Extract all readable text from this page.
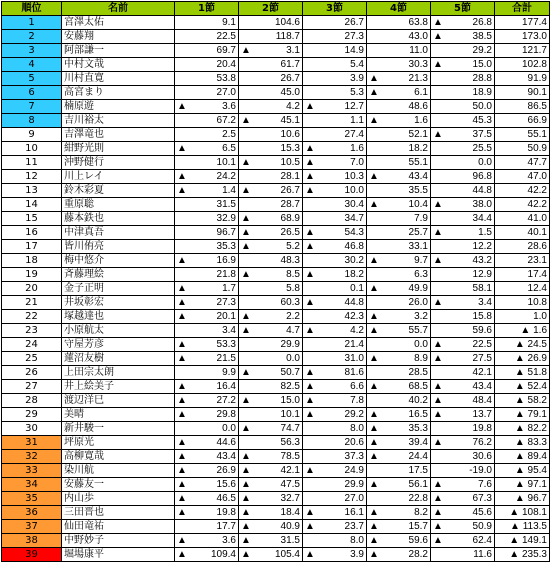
順位	名前	1節	2節	3節	4節	5節	合計
1	宮澤太佑	9.1	104.6	26.7	63.8	▲ 26.8	177.4
2	安藤翔	22.5	118.7	27.3	43.0	▲ 38.5	173.0
3	阿部謙一	69.7	▲ 3.1	14.9	11.0	29.2	121.7
4	中村文哉	20.4	61.7	5.4	30.3	▲ 15.0	102.8
5	川村直寛	53.8	26.7	3.9	▲ 21.3	28.8	91.9
6	高宮まり	27.0	45.0	5.3	▲ 6.1	18.9	90.1
7	楠原遊	▲ 3.6	4.2	▲ 12.7	48.6	50.0	86.5
8	吉川裕太	67.2	▲ 45.1	1.1	▲ 1.6	45.3	66.9
9	吉澤竜也	2.5	10.6	27.4	52.1	▲ 37.5	55.1
10	紺野光則	▲ 6.5	15.3	▲ 1.6	18.2	25.5	50.9
11	沖野健行	10.1	▲ 10.5	▲ 7.0	55.1	0.0	47.7
12	川上レイ	▲ 24.2	28.1	▲ 10.3	▲ 43.4	96.8	47.0
13	鈴木彩夏	▲ 1.4	▲ 26.7	▲ 10.0	35.5	44.8	42.2
14	重原聡	31.5	28.7	30.4	▲ 10.4	▲ 38.0	42.2
15	藤本鉄也	32.9	▲ 68.9	34.7	7.9	34.4	41.0
16	中津真吾	96.7	▲ 26.5	▲ 54.3	25.7	▲ 1.5	40.1
17	皆川侑亮	35.3	▲ 5.2	▲ 46.8	33.1	12.2	28.6
18	梅中悠介	▲ 16.9	48.3	30.2	▲ 9.7	▲ 43.2	23.1
19	斉藤理絵	21.8	▲ 8.5	▲ 18.2	6.3	12.9	17.4
20	金子正明	▲ 1.7	5.8	0.1	▲ 49.9	58.1	12.4
21	井坂彰宏	▲ 27.3	60.3	▲ 44.8	26.0	▲ 3.4	10.8
22	塚越達也	▲ 20.1	▲ 2.2	42.3	▲ 3.2	15.8	1.0
23	小原航太	3.4	▲ 4.7	▲ 4.2	▲ 55.7	59.6	▲ 1.6
24	守屋芳彦	▲ 53.3	29.9	21.4	0.0	▲ 22.5	▲ 24.5
25	蓮沼友樹	▲ 21.5	0.0	31.0	▲ 8.9	▲ 27.5	▲ 26.9
26	上田宗太朗	9.9	▲ 50.7	▲ 81.6	28.5	42.1	▲ 51.8
27	井上絵美子	▲ 16.4	82.5	▲ 6.6	▲ 68.5	▲ 43.4	▲ 52.4
28	渡辺洋巳	▲ 27.2	▲ 15.0	▲ 7.8	40.2	▲ 48.4	▲ 58.2
29	美晴	▲ 29.8	10.1	▲ 29.2	▲ 16.5	▲ 13.7	▲ 79.1
30	新井駿一	0.0	▲ 74.7	8.0	▲ 35.3	19.8	▲ 82.2
31	坪原光	▲ 44.6	56.3	20.6	▲ 39.4	▲ 76.2	▲ 83.3
32	高柳寛哉	▲ 43.4	▲ 78.5	37.3	▲ 24.4	30.6	▲ 89.4
33	染川航	▲ 26.9	▲ 42.1	▲ 24.9	17.5	-19.0	▲ 95.4
34	安藤友一	▲ 15.6	▲ 47.5	29.9	▲ 56.1	▲ 7.6	▲ 97.1
35	内山歩	▲ 46.5	▲ 32.7	27.0	22.8	▲ 67.3	▲ 96.7
36	三田晋也	▲ 19.8	▲ 18.4	▲ 16.1	▲ 8.2	▲ 45.6	▲ 108.1
37	仙田竜祐	17.7	▲ 40.9	▲ 23.7	▲ 15.7	▲ 50.9	▲ 113.5
38	中野妙子	▲ 3.6	▲ 31.5	8.0	▲ 59.6	▲ 62.4	▲ 149.1
39	堀場康平	▲ 109.4	▲ 105.4	▲ 3.9	▲ 28.2	11.6	▲ 235.3
